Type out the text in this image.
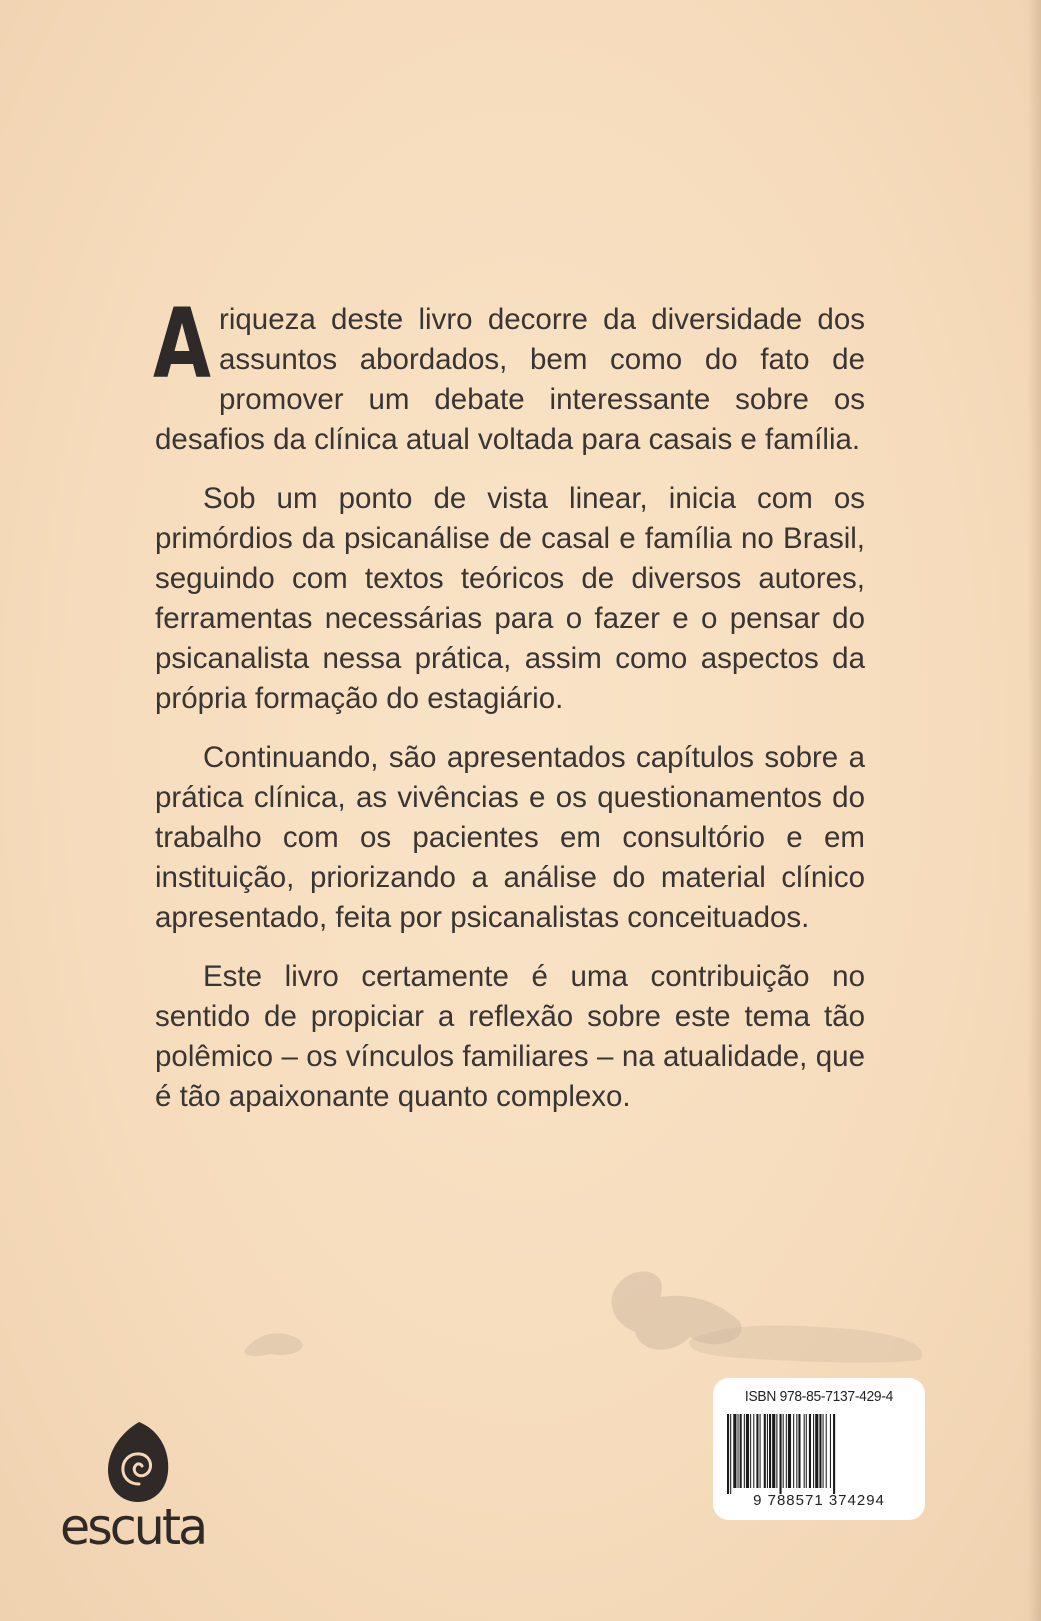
Ariqueza deste livro decorre da diversidade dos assuntos abordados, bem como do fato de promover um debate interessante sobre os desafios da clínica atual voltada para casais e família.

Sob um ponto de vista linear, inicia com os primórdios da psicanálise de casal e família no Brasil, seguindo com textos teóricos de diversos autores, ferramentas necessárias para o fazer e o pensar do psicanalista nessa prática, assim como aspectos da própria formação do estagiário.

Continuando, são apresentados capítulos sobre a prática clínica, as vivências e os questionamentos do trabalho com os pacientes em consultório e em instituição, priorizando a análise do material clínico apresentado, feita por psicanalistas conceituados.

Este livro certamente é uma contribuição no sentido de propiciar a reflexão sobre este tema tão polêmico – os vínculos familiares – na atualidade, que é tão apaixonante quanto complexo.

escuta
ISBN 978-85-7137-429-4
9 788571 374294
